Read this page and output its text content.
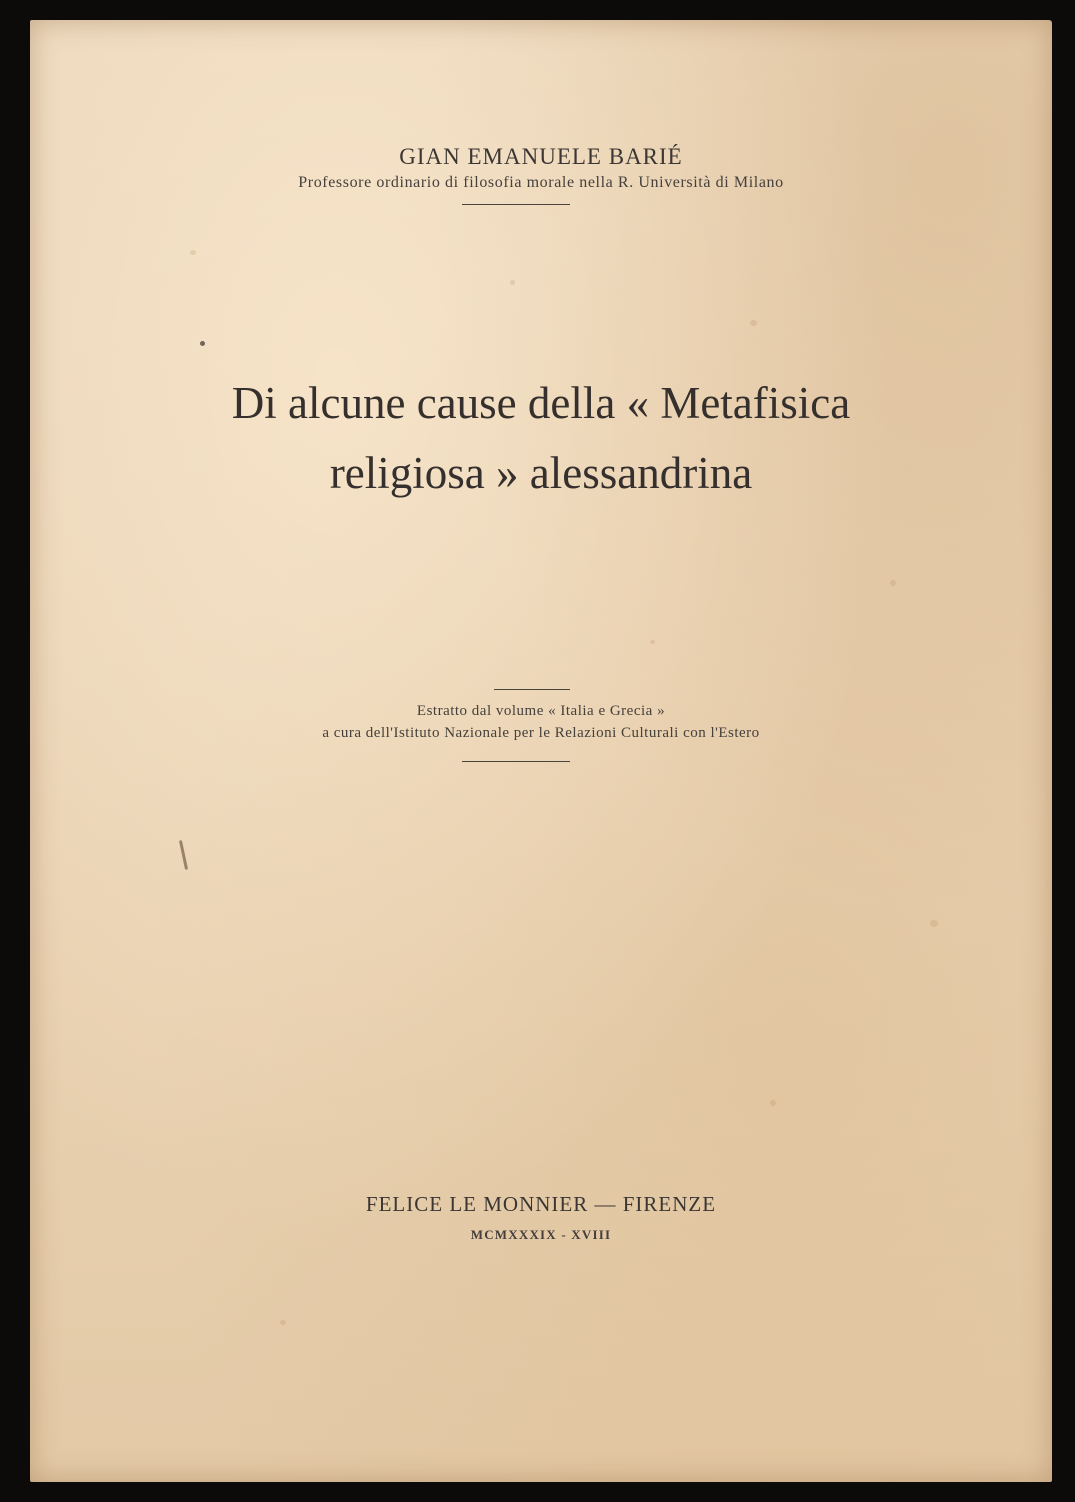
GIAN EMANUELE BARIÉ
Professore ordinario di filosofia morale nella R. Università di Milano
Di alcune cause della « Metafisica
religiosa » alessandrina
Estratto dal volume « Italia e Grecia »
a cura dell'Istituto Nazionale per le Relazioni Culturali con l'Estero
FELICE LE MONNIER — FIRENZE
MCMXXXIX - XVIII
